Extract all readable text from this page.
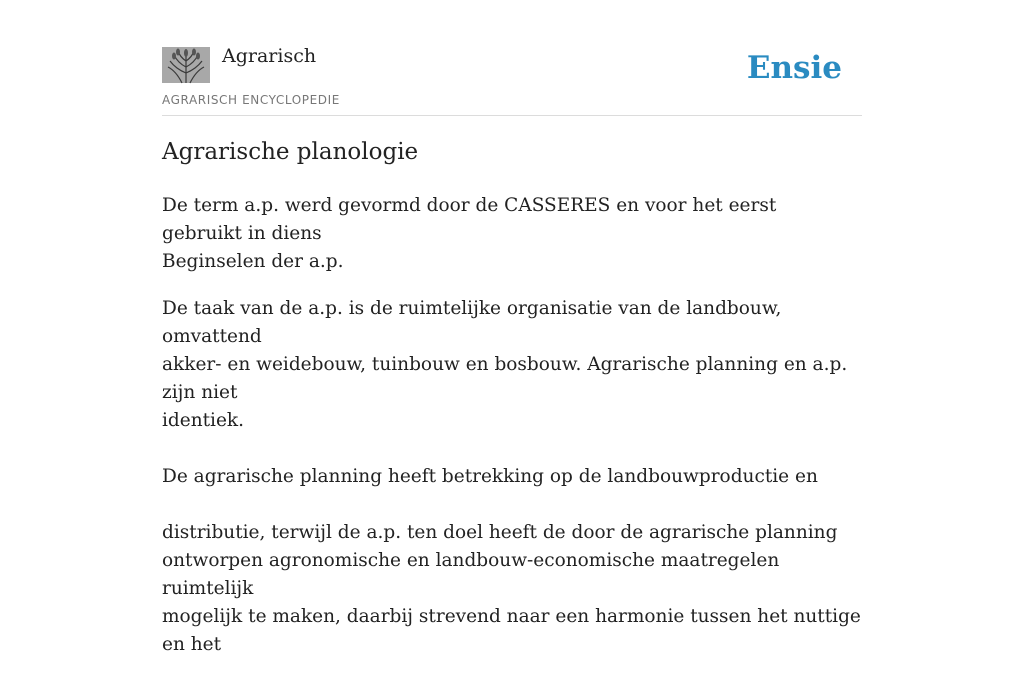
Agrarisch
AGRARISCH ENCYCLOPEDIE
Ensie
Agrarische planologie

De term a.p. werd gevormd door de CASSERES en voor het eerst gebruikt in diens
Beginselen der a.p.

De taak van de a.p. is de ruimtelijke organisatie van de landbouw, omvattend
akker- en weidebouw, tuinbouw en bosbouw. Agrarische planning en a.p. zijn niet
identiek.

De agrarische planning heeft betrekking op de landbouwproductie en

distributie, terwijl de a.p. ten doel heeft de door de agrarische planning
ontworpen agronomische en landbouw-economische maatregelen ruimtelijk
mogelijk te maken, daarbij strevend naar een harmonie tussen het nuttige en het
